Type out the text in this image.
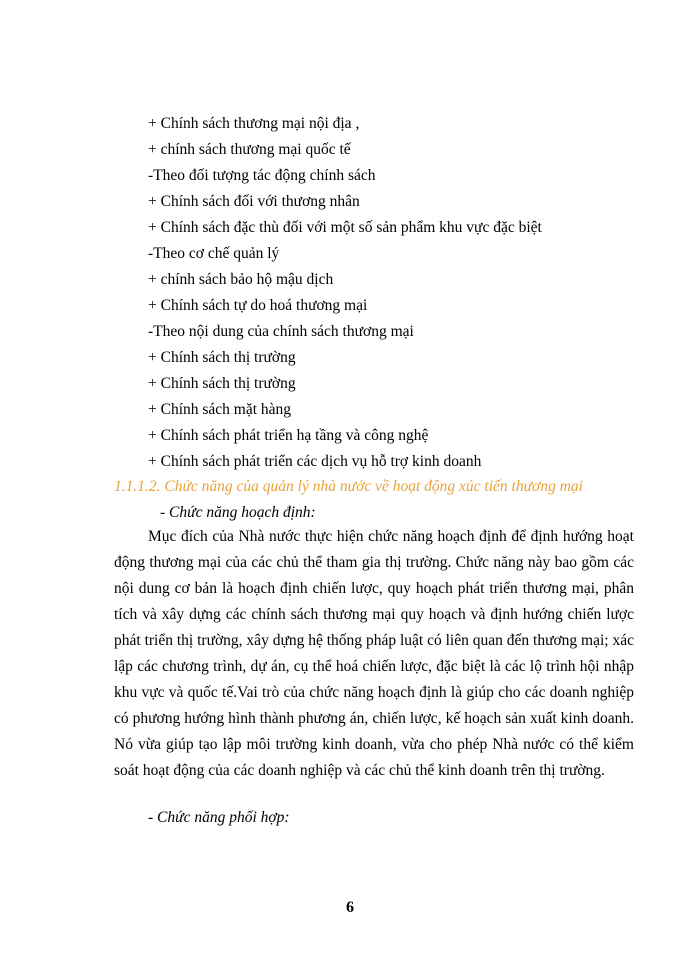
+ Chính sách thương mại nội địa ,
+ chính sách thương mại quốc tế
-Theo đối tượng tác động chính sách
+ Chính sách đối với thương nhân
+ Chính sách đặc thù đối với một số sản phẩm khu vực đặc biệt
-Theo cơ chế quản lý
+ chính sách bảo hộ mậu dịch
+ Chính sách tự do hoá thương mại
-Theo nội dung của chính sách thương mại
+ Chính sách thị trường
+ Chính sách thị trường
+ Chính sách mặt hàng
+ Chính sách phát triển hạ tầng và công nghệ
+ Chính sách phát triển các dịch vụ hỗ trợ kinh doanh
1.1.1.2. Chức năng của quản lý nhà nước về hoạt động xúc tiến thương mại
- Chức năng hoạch định:
Mục đích của Nhà nước thực hiện chức năng hoạch định để định hướng hoạt động thương mại của các chủ thể tham gia thị trường. Chức năng này bao gồm các nội dung cơ bản là hoạch định chiến lược, quy hoạch phát triển thương mại, phân tích và xây dựng các chính sách thương mại quy hoạch và định hướng chiến lược phát triển thị trường, xây dựng hệ thống pháp luật có liên quan đến thương mại; xác lập các chương trình, dự án, cụ thể hoá chiến lược, đặc biệt là các lộ trình hội nhập khu vực và quốc tế.Vai trò của chức năng hoạch định là giúp cho các doanh nghiệp có phương hướng hình thành phương án, chiến lược, kế hoạch sản xuất kinh doanh. Nó vừa giúp tạo lập môi trường kinh doanh, vừa cho phép Nhà nước có thể kiểm soát hoạt động của các doanh nghiệp và các chủ thể kinh doanh trên thị trường.
- Chức năng phối hợp:
6
